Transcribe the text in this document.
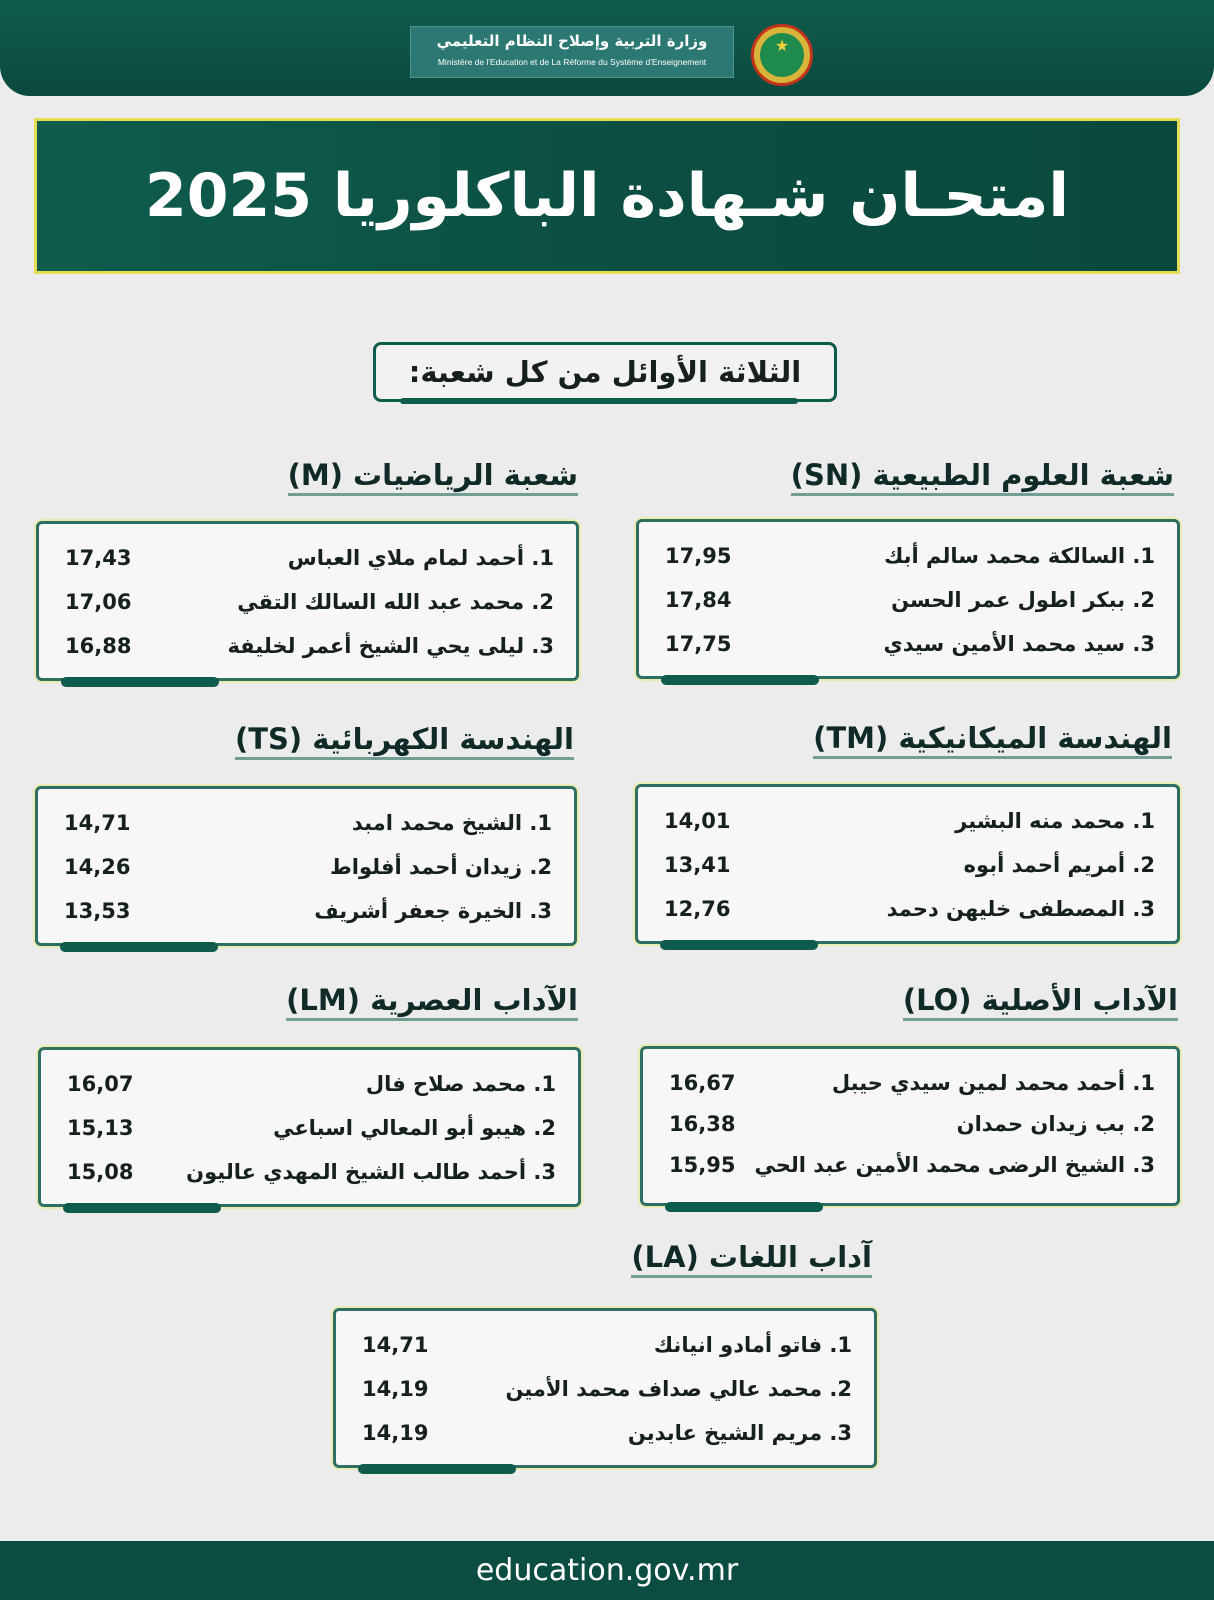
وزارة التربية وإصلاح النظام التعليمي
Ministère de l'Education et de La Réforme du Système d'Enseignement
★
امتحـان شـهادة الباكلوريا 2025
الثلاثة الأوائل من كل شعبة:
شعبة العلوم الطبيعية (SN)
17,95	1. السالكة محمد سالم أبك
17,84	2. ببكر اطول عمر الحسن
17,75	3. سيد محمد الأمين سيدي
شعبة الرياضيات (M)
17,43	1. أحمد لمام ملاي العباس
17,06	2. محمد عبد الله السالك التقي
16,88	3. ليلى يحي الشيخ أعمر لخليفة
الهندسة الميكانيكية (TM)
14,01	1. محمد منه البشير
13,41	2. أمريم أحمد أبوه
12,76	3. المصطفى خليهن دحمد
الهندسة الكهربائية (TS)
14,71	1. الشيخ محمد امبد
14,26	2. زيدان أحمد أفلواط
13,53	3. الخيرة جعفر أشريف
الآداب الأصلية (LO)
16,67	1. أحمد محمد لمين سيدي حيبل
16,38	2. بب زيدان حمدان
15,95 3. الشيخ الرضى محمد الأمين عبد الحي
الآداب العصرية (LM)
16,07	1. محمد صلاح فال
15,13	2. هيبو أبو المعالي اسباعي
15,08	3. أحمد طالب الشيخ المهدي عاليون
آداب اللغات (LA)
14,71	1. فاتو أمادو انيانك
14,19	2. محمد عالي صداف محمد الأمين
14,19	3. مريم الشيخ عابدين
education.gov.mr
